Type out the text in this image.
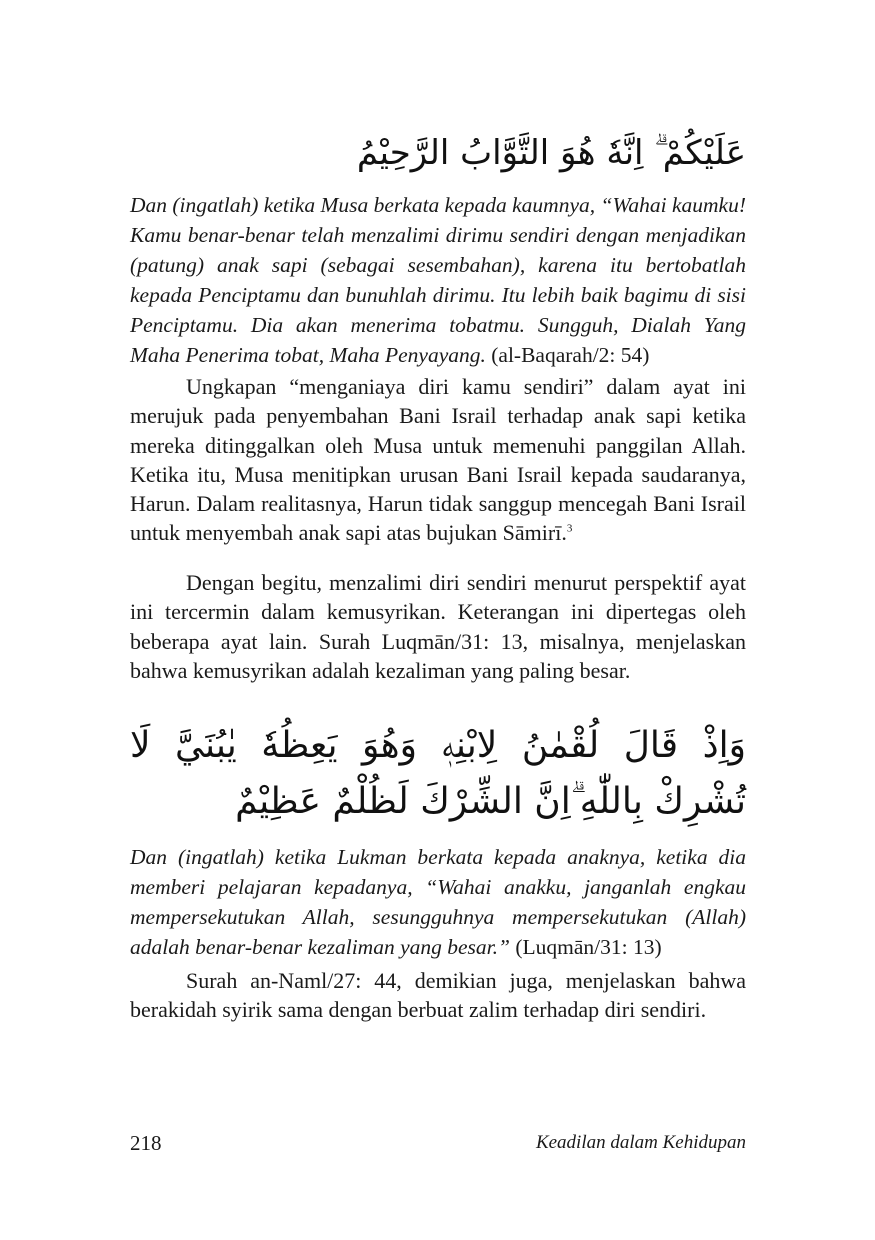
عَلَيْكُمْ ۗ اِنَّهٗ هُوَ التَّوَّابُ الرَّحِيْمُ
Dan (ingatlah) ketika Musa berkata kepada kaumnya, “Wahai kaumku! Kamu benar-benar telah menzalimi dirimu sendiri dengan menjadikan (patung) anak sapi (sebagai sesembahan), karena itu bertobatlah kepada Penciptamu dan bunuhlah dirimu. Itu lebih baik bagimu di sisi Penciptamu. Dia akan menerima tobatmu. Sungguh, Dialah Yang Maha Penerima tobat, Maha Penyayang. (al-Baqarah/2: 54)
Ungkapan “menganiaya diri kamu sendiri” dalam ayat ini merujuk pada penyembahan Bani Israil terhadap anak sapi ketika mereka ditinggalkan oleh Musa untuk memenuhi panggilan Allah. Ketika itu, Musa menitipkan urusan Bani Israil kepada saudaranya, Harun. Dalam realitasnya, Harun tidak sanggup mencegah Bani Israil untuk menyembah anak sapi atas bujukan Sāmirī.$^3$
Dengan begitu, menzalimi diri sendiri menurut perspektif ayat ini tercermin dalam kemusyrikan. Keterangan ini dipertegas oleh beberapa ayat lain. Surah Luqmān/31: 13, misalnya, menjelaskan bahwa kemusyrikan adalah kezaliman yang paling besar.
وَاِذْ قَالَ لُقْمٰنُ لِابْنِهٖ وَهُوَ يَعِظُهٗ يٰبُنَيَّ لَا تُشْرِكْ بِاللّٰهِ ۗاِنَّ الشِّرْكَ لَظُلْمٌ عَظِيْمٌ
Dan (ingatlah) ketika Lukman berkata kepada anaknya, ketika dia memberi pelajaran kepadanya, “Wahai anakku, janganlah engkau mempersekutukan Allah, sesungguhnya mempersekutukan (Allah) adalah benar-benar kezaliman yang besar.” (Luqmān/31: 13)
Surah an-Naml/27: 44, demikian juga, menjelaskan bahwa berakidah syirik sama dengan berbuat zalim terhadap diri sendiri.
218	Keadilan dalam Kehidupan
